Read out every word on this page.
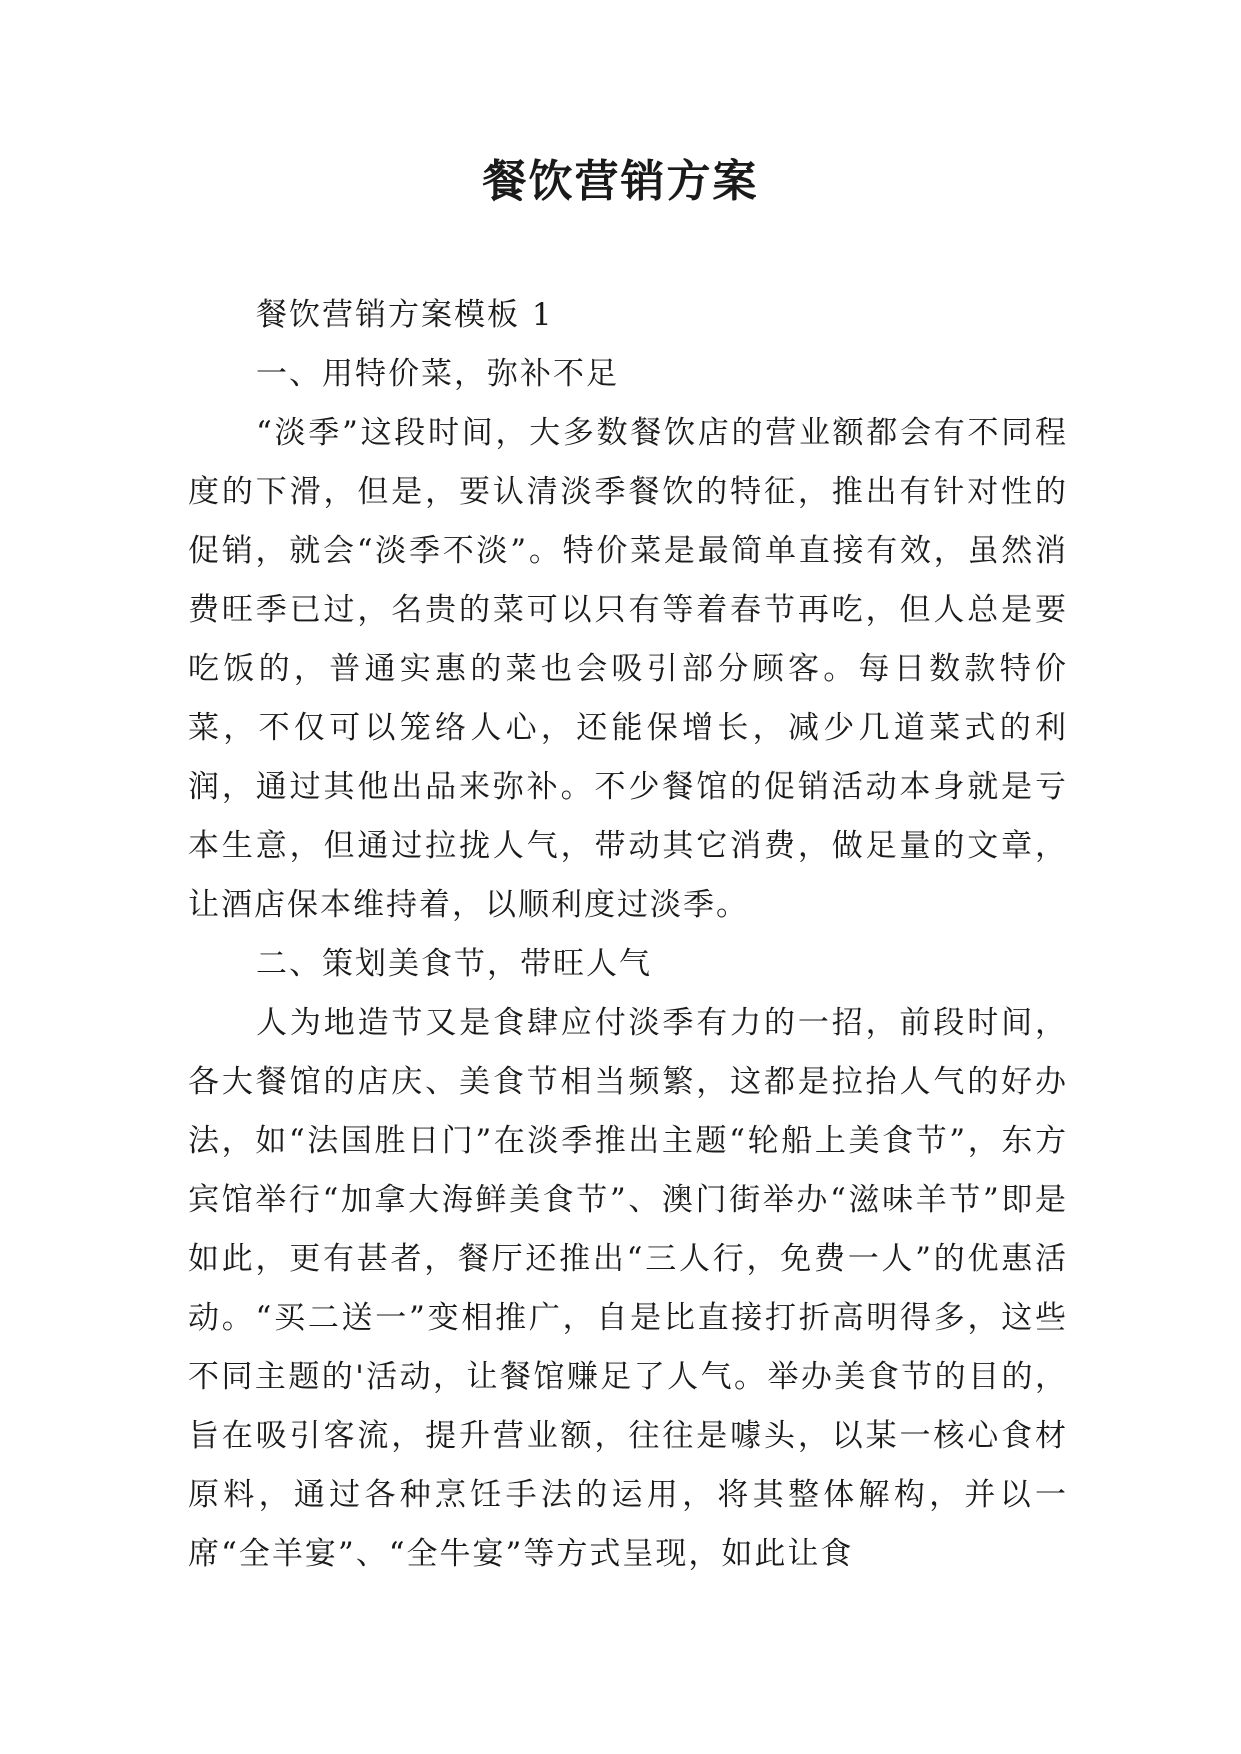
餐饮营销方案

餐饮营销方案模板 1

一、用特价菜，弥补不足

“淡季”这段时间，大多数餐饮店的营业额都会有不同程度的下滑，但是，要认清淡季餐饮的特征，推出有针对性的促销，就会“淡季不淡”。特价菜是最简单直接有效，虽然消费旺季已过，名贵的菜可以只有等着春节再吃，但人总是要吃饭的，普通实惠的菜也会吸引部分顾客。每日数款特价菜，不仅可以笼络人心，还能保增长，减少几道菜式的利润，通过其他出品来弥补。不少餐馆的促销活动本身就是亏本生意，但通过拉拢人气，带动其它消费，做足量的文章，让酒店保本维持着，以顺利度过淡季。

二、策划美食节，带旺人气

人为地造节又是食肆应付淡季有力的一招，前段时间，各大餐馆的店庆、美食节相当频繁，这都是拉抬人气的好办法，如“法国胜日门”在淡季推出主题“轮船上美食节”，东方宾馆举行“加拿大海鲜美食节”、澳门街举办“滋味羊节”即是如此，更有甚者，餐厅还推出“三人行，免费一人”的优惠活动。“买二送一”变相推广，自是比直接打折高明得多，这些不同主题的'活动，让餐馆赚足了人气。举办美食节的目的，旨在吸引客流，提升营业额，往往是噱头，以某一核心食材原料，通过各种烹饪手法的运用，将其整体解构，并以一席“全羊宴”、“全牛宴”等方式呈现，如此让食
